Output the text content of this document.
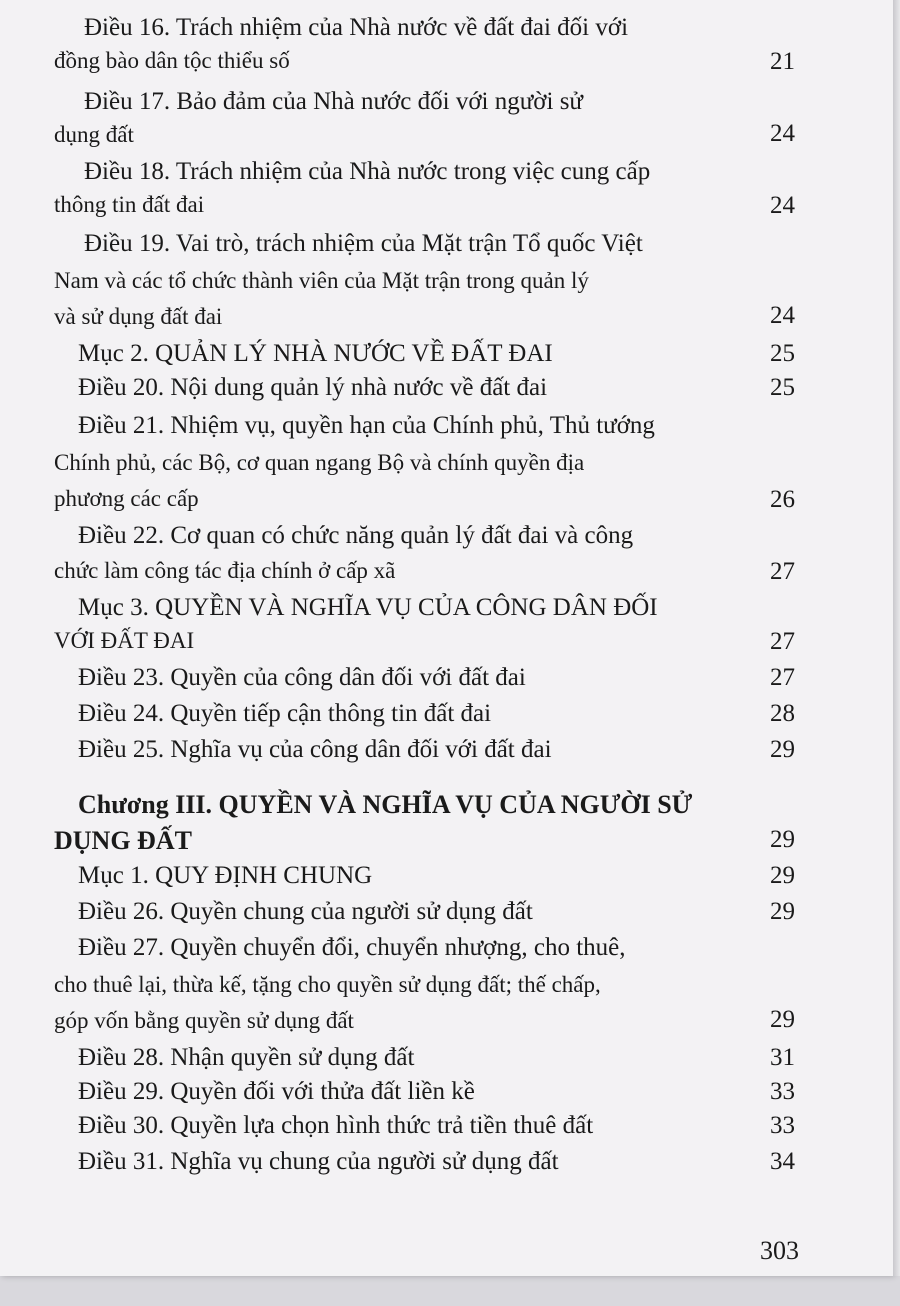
Điều 16. Trách nhiệm của Nhà nước về đất đai đối với
đồng bào dân tộc thiểu số	21
Điều 17. Bảo đảm của Nhà nước đối với người sử
dụng đất	24
Điều 18. Trách nhiệm của Nhà nước trong việc cung cấp
thông tin đất đai	24
Điều 19. Vai trò, trách nhiệm của Mặt trận Tổ quốc Việt
Nam và các tổ chức thành viên của Mặt trận trong quản lý
và sử dụng đất đai	24
Mục 2. QUẢN LÝ NHÀ NƯỚC VỀ ĐẤT ĐAI	25
Điều 20. Nội dung quản lý nhà nước về đất đai	25
Điều 21. Nhiệm vụ, quyền hạn của Chính phủ, Thủ tướng
Chính phủ, các Bộ, cơ quan ngang Bộ và chính quyền địa
phương các cấp	26
Điều 22. Cơ quan có chức năng quản lý đất đai và công
chức làm công tác địa chính ở cấp xã	27
Mục 3. QUYỀN VÀ NGHĨA VỤ CỦA CÔNG DÂN ĐỐI
VỚI ĐẤT ĐAI	27
Điều 23. Quyền của công dân đối với đất đai	27
Điều 24. Quyền tiếp cận thông tin đất đai	28
Điều 25. Nghĩa vụ của công dân đối với đất đai	29
Chương III. QUYỀN VÀ NGHĨA VỤ CỦA NGƯỜI SỬ
DỤNG ĐẤT	29
Mục 1. QUY ĐỊNH CHUNG	29
Điều 26. Quyền chung của người sử dụng đất	29
Điều 27. Quyền chuyển đổi, chuyển nhượng, cho thuê,
cho thuê lại, thừa kế, tặng cho quyền sử dụng đất; thế chấp,
góp vốn bằng quyền sử dụng đất	29
Điều 28. Nhận quyền sử dụng đất	31
Điều 29. Quyền đối với thửa đất liền kề	33
Điều 30. Quyền lựa chọn hình thức trả tiền thuê đất	33
Điều 31. Nghĩa vụ chung của người sử dụng đất	34
303
